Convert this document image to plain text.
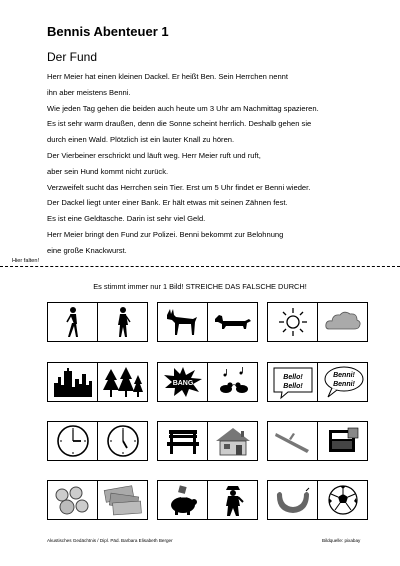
Bennis Abenteuer 1
Der Fund
Herr Meier hat einen kleinen Dackel. Er heißt Ben. Sein Herrchen nennt
ihn aber meistens Benni.
Wie jeden Tag gehen die beiden auch heute um 3 Uhr am Nachmittag spazieren.
Es ist sehr warm draußen, denn die Sonne scheint herrlich. Deshalb gehen sie
durch einen Wald. Plötzlich ist ein lauter Knall zu hören.
Der Vierbeiner erschrickt und läuft weg. Herr Meier ruft und ruft,
aber sein Hund kommt nicht zurück.
Verzweifelt sucht das Herrchen sein Tier. Erst um 5 Uhr findet er Benni wieder.
Der Dackel liegt unter einer Bank. Er hält etwas mit seinen Zähnen fest.
Es ist eine Geldtasche. Darin ist sehr viel Geld.
Herr Meier bringt den Fund zur Polizei. Benni bekommt zur Belohnung
eine große Knackwurst.
Hier falten!
Es stimmt immer nur 1 Bild! STREICHE DAS FALSCHE DURCH!
BANG
Bello!
Bello!
Benni!
Benni!
Akustisches Gedächtnis / Dipl. Päd. Barbara Elisabeth Berger	Bildquelle: pixabay
